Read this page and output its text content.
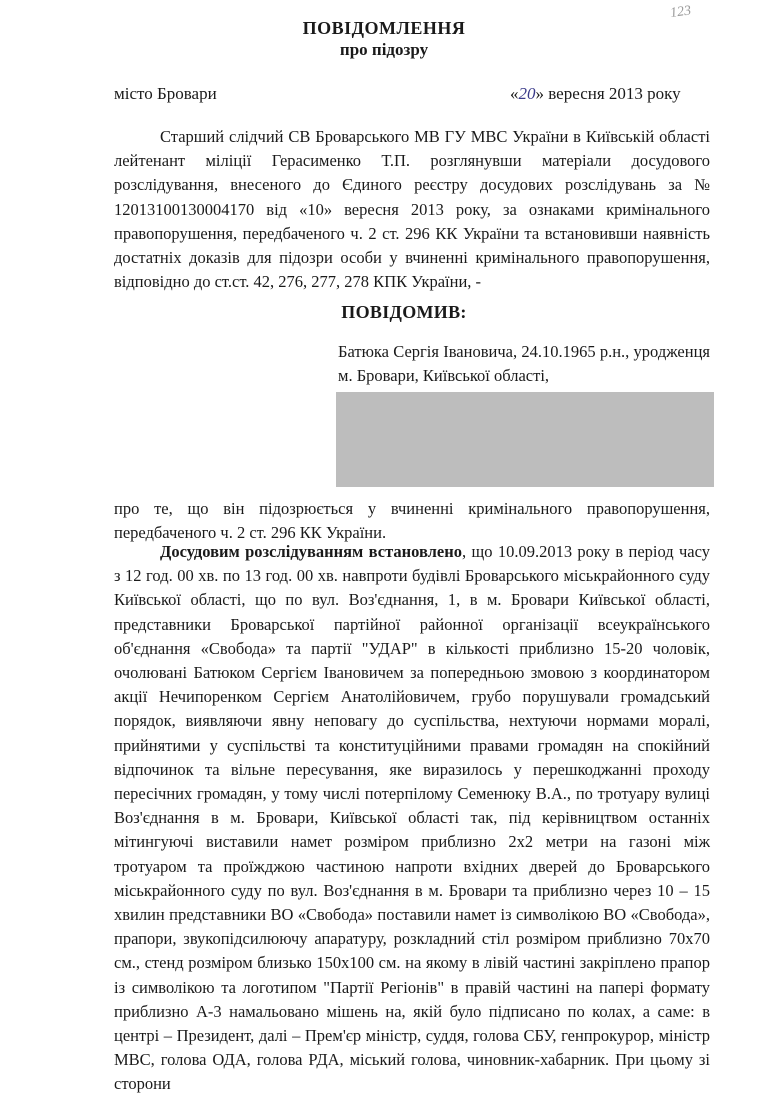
123
ПОВІДОМЛЕННЯ
про підозру
місто Бровари	«20» вересня 2013 року
Старший слідчий СВ Броварського МВ ГУ МВС України в Київській області лейтенант міліції Герасименко Т.П. розглянувши матеріали досудового розслідування, внесеного до Єдиного реєстру досудових розслідувань за № 12013100130004170 від «10» вересня 2013 року, за ознаками кримінального правопорушення, передбаченого ч. 2 ст. 296 КК України та встановивши наявність достатніх доказів для підозри особи у вчиненні кримінального правопорушення, відповідно до ст.ст. 42, 276, 277, 278 КПК України, -
ПОВІДОМИВ:
Батюка Сергія Івановича, 24.10.1965 р.н., уродженця м. Бровари, Київської області,
про те, що він підозрюється у вчиненні кримінального правопорушення, передбаченого ч. 2 ст. 296 КК України.
Досудовим розслідуванням встановлено, що 10.09.2013 року в період часу з 12 год. 00 хв. по 13 год. 00 хв. навпроти будівлі Броварського міськрайонного суду Київської області, що по вул. Воз'єднання, 1, в м. Бровари Київської області, представники Броварської партійної районної організації всеукраїнського об'єднання «Свобода» та партії "УДАР" в кількості приблизно 15-20 чоловік, очолювані Батюком Сергієм Івановичем за попередньою змовою з координатором акції Нечипоренком Сергієм Анатолійовичем, грубо порушували громадський порядок, виявляючи явну неповагу до суспільства, нехтуючи нормами моралі, прийнятими у суспільстві та конституційними правами громадян на спокійний відпочинок та вільне пересування, яке виразилось у перешкоджанні проходу пересічних громадян, у тому числі потерпілому Семенюку В.А., по тротуару вулиці Воз'єднання в м. Бровари, Київської області так, під керівництвом останніх мітингуючі виставили намет розміром приблизно 2х2 метри на газоні між тротуаром та проїжджою частиною напроти вхідних дверей до Броварського міськрайонного суду по вул. Воз'єднання в м. Бровари та приблизно через 10 – 15 хвилин представники ВО «Свобода» поставили намет із символікою ВО «Свобода», прапори, звукопідсилюючу апаратуру, розкладний стіл розміром приблизно 70х70 см., стенд розміром близько 150х100 см. на якому в лівій частині закріплено прапор із символікою та логотипом "Партії Регіонів" в правій частині на папері формату приблизно А-3 намальовано мішень на, якій було підписано по колах, а саме: в центрі – Президент, далі – Прем'єр міністр, суддя, голова СБУ, генпрокурор, міністр МВС, голова ОДА, голова РДА, міський голова, чиновник-хабарник. При цьому зі сторони
